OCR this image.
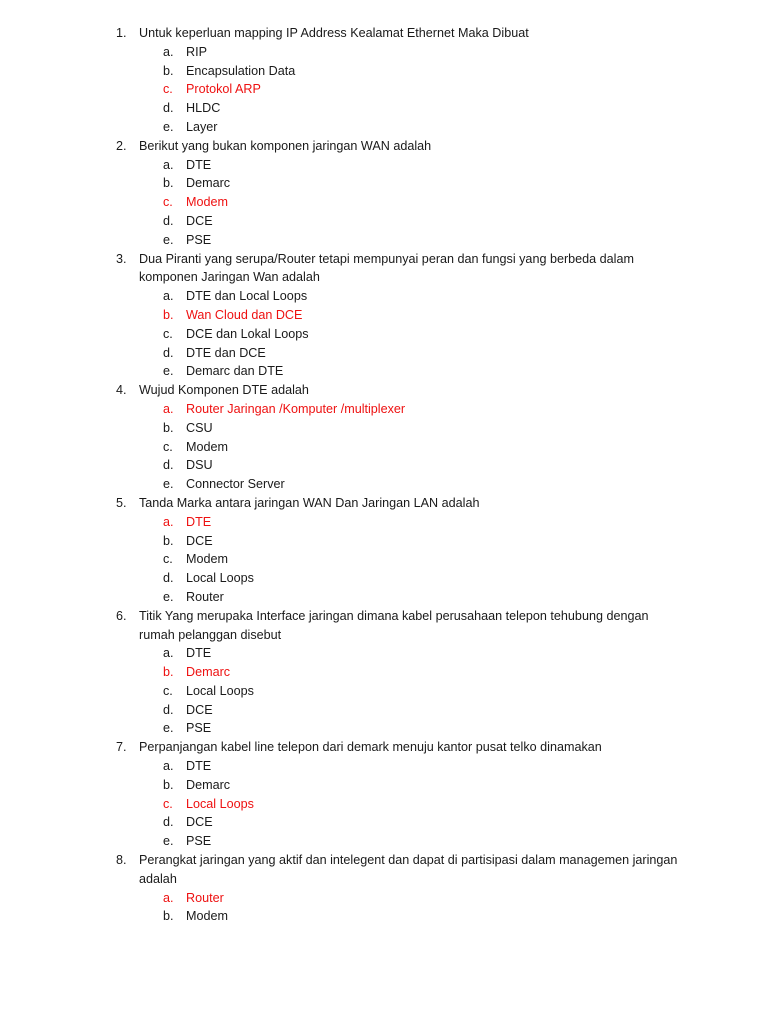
1. Untuk keperluan mapping IP Address Kealamat Ethernet Maka Dibuat
a. RIP
b. Encapsulation Data
c. Protokol ARP
d. HLDC
e. Layer
2. Berikut yang bukan komponen jaringan WAN adalah
a. DTE
b. Demarc
c. Modem
d. DCE
e. PSE
3. Dua Piranti yang serupa/Router tetapi mempunyai peran dan fungsi yang berbeda dalam komponen Jaringan Wan adalah
a. DTE dan Local Loops
b. Wan Cloud dan DCE
c. DCE dan Lokal Loops
d. DTE dan DCE
e. Demarc dan DTE
4. Wujud Komponen DTE adalah
a. Router Jaringan /Komputer /multiplexer
b. CSU
c. Modem
d. DSU
e. Connector Server
5. Tanda Marka antara jaringan WAN Dan Jaringan LAN adalah
a. DTE
b. DCE
c. Modem
d. Local Loops
e. Router
6. Titik Yang merupaka Interface jaringan dimana kabel perusahaan telepon tehubung dengan rumah pelanggan disebut
a. DTE
b. Demarc
c. Local Loops
d. DCE
e. PSE
7. Perpanjangan kabel line telepon dari demark menuju kantor pusat telko dinamakan
a. DTE
b. Demarc
c. Local Loops
d. DCE
e. PSE
8. Perangkat jaringan yang aktif dan intelegent dan dapat di partisipasi dalam managemen jaringan adalah
a. Router
b. Modem
